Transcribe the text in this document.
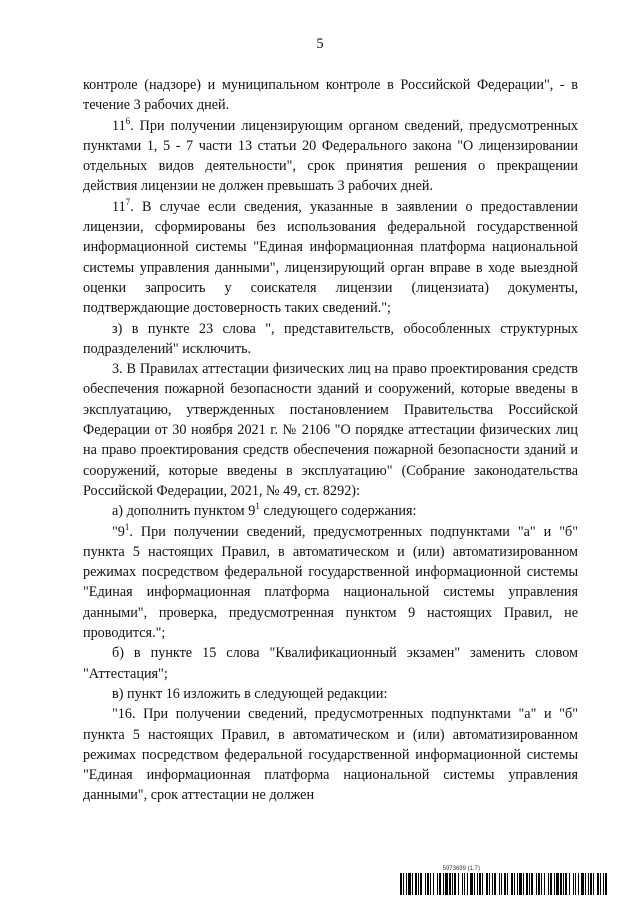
5

контроле (надзоре) и муниципальном контроле в Российской Федерации", - в течение 3 рабочих дней.

$11^6$. При получении лицензирующим органом сведений, предусмотренных пунктами 1, 5 - 7 части 13 статьи 20 Федерального закона "О лицензировании отдельных видов деятельности", срок принятия решения о прекращении действия лицензии не должен превышать 3 рабочих дней.

$11^7$. В случае если сведения, указанные в заявлении о предоставлении лицензии, сформированы без использования федеральной государственной информационной системы "Единая информационная платформа национальной системы управления данными", лицензирующий орган вправе в ходе выездной оценки запросить у соискателя лицензии (лицензиата) документы, подтверждающие достоверность таких сведений.";

з) в пункте 23 слова ", представительств, обособленных структурных подразделений" исключить.

3. В Правилах аттестации физических лиц на право проектирования средств обеспечения пожарной безопасности зданий и сооружений, которые введены в эксплуатацию, утвержденных постановлением Правительства Российской Федерации от 30 ноября 2021 г. № 2106 "О порядке аттестации физических лиц на право проектирования средств обеспечения пожарной безопасности зданий и сооружений, которые введены в эксплуатацию" (Собрание законодательства Российской Федерации, 2021, № 49, ст. 8292):

а) дополнить пунктом $9^1$ следующего содержания:

"$9^1$. При получении сведений, предусмотренных подпунктами "а" и "б" пункта 5 настоящих Правил, в автоматическом и (или) автоматизированном режимах посредством федеральной государственной информационной системы "Единая информационная платформа национальной системы управления данными", проверка, предусмотренная пунктом 9 настоящих Правил, не проводится.";

б) в пункте 15 слова "Квалификационный экзамен" заменить словом "Аттестация";

в) пункт 16 изложить в следующей редакции:

"16. При получении сведений, предусмотренных подпунктами "а" и "б" пункта 5 настоящих Правил, в автоматическом и (или) автоматизированном режимах посредством федеральной государственной информационной системы "Единая информационная платформа национальной системы управления данными", срок аттестации не должен

5973699 (1.7)
